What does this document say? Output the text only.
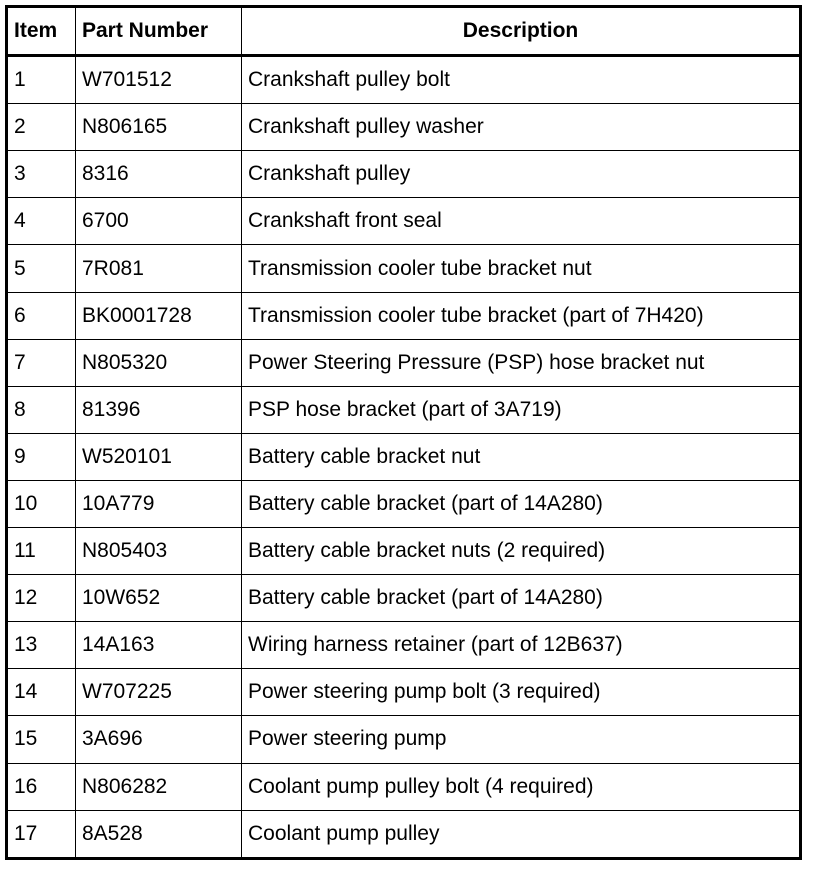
Item	Part Number	Description
1	W701512	Crankshaft pulley bolt
2	N806165	Crankshaft pulley washer
3	8316	Crankshaft pulley
4	6700	Crankshaft front seal
5	7R081	Transmission cooler tube bracket nut
6	BK0001728	Transmission cooler tube bracket (part of 7H420)
7	N805320	Power Steering Pressure (PSP) hose bracket nut
8	81396	PSP hose bracket (part of 3A719)
9	W520101	Battery cable bracket nut
10	10A779	Battery cable bracket (part of 14A280)
11	N805403	Battery cable bracket nuts (2 required)
12	10W652	Battery cable bracket (part of 14A280)
13	14A163	Wiring harness retainer (part of 12B637)
14	W707225	Power steering pump bolt (3 required)
15	3A696	Power steering pump
16	N806282	Coolant pump pulley bolt (4 required)
17	8A528	Coolant pump pulley
